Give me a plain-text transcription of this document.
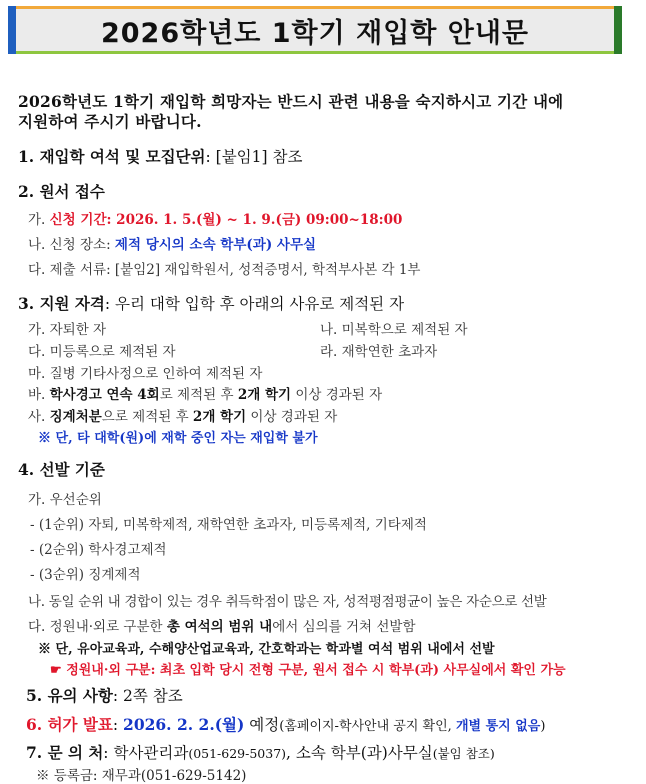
2026학년도 1학기 재입학 안내문
2026학년도 1학기 재입학 희망자는 반드시 관련 내용을 숙지하시고 기간 내에
지원하여 주시기 바랍니다.
1. 재입학 여석 및 모집단위: [붙임1] 참조
2. 원서 접수
가. 신청 기간: 2026. 1. 5.(월) ~ 1. 9.(금) 09:00~18:00
나. 신청 장소: 제적 당시의 소속 학부(과) 사무실
다. 제출 서류: [붙임2] 재입학원서, 성적증명서, 학적부사본 각 1부
3. 지원 자격: 우리 대학 입학 후 아래의 사유로 제적된 자
가. 자퇴한 자	나. 미복학으로 제적된 자
다. 미등록으로 제적된 자	라. 재학연한 초과자
마. 질병 기타사정으로 인하여 제적된 자
바. 학사경고 연속 4회로 제적된 후 2개 학기 이상 경과된 자
사. 징계처분으로 제적된 후 2개 학기 이상 경과된 자
※ 단, 타 대학(원)에 재학 중인 자는 재입학 불가
4. 선발 기준
가. 우선순위
- (1순위) 자퇴, 미복학제적, 재학연한 초과자, 미등록제적, 기타제적
- (2순위) 학사경고제적
- (3순위) 징계제적
나. 동일 순위 내 경합이 있는 경우 취득학점이 많은 자, 성적평점평균이 높은 자순으로 선발
다. 정원내·외로 구분한 총 여석의 범위 내에서 심의를 거쳐 선발함
※ 단, 유아교육과, 수해양산업교육과, 간호학과는 학과별 여석 범위 내에서 선발
☛ 정원내·외 구분: 최초 입학 당시 전형 구분, 원서 접수 시 학부(과) 사무실에서 확인 가능
5. 유의 사항: 2쪽 참조
6. 허가 발표: 2026. 2. 2.(월) 예정(홈페이지-학사안내 공지 확인, 개별 통지 없음)
7. 문 의 처: 학사관리과(051-629-5037), 소속 학부(과)사무실(붙임 참조)
※ 등록금: 재무과(051-629-5142)
